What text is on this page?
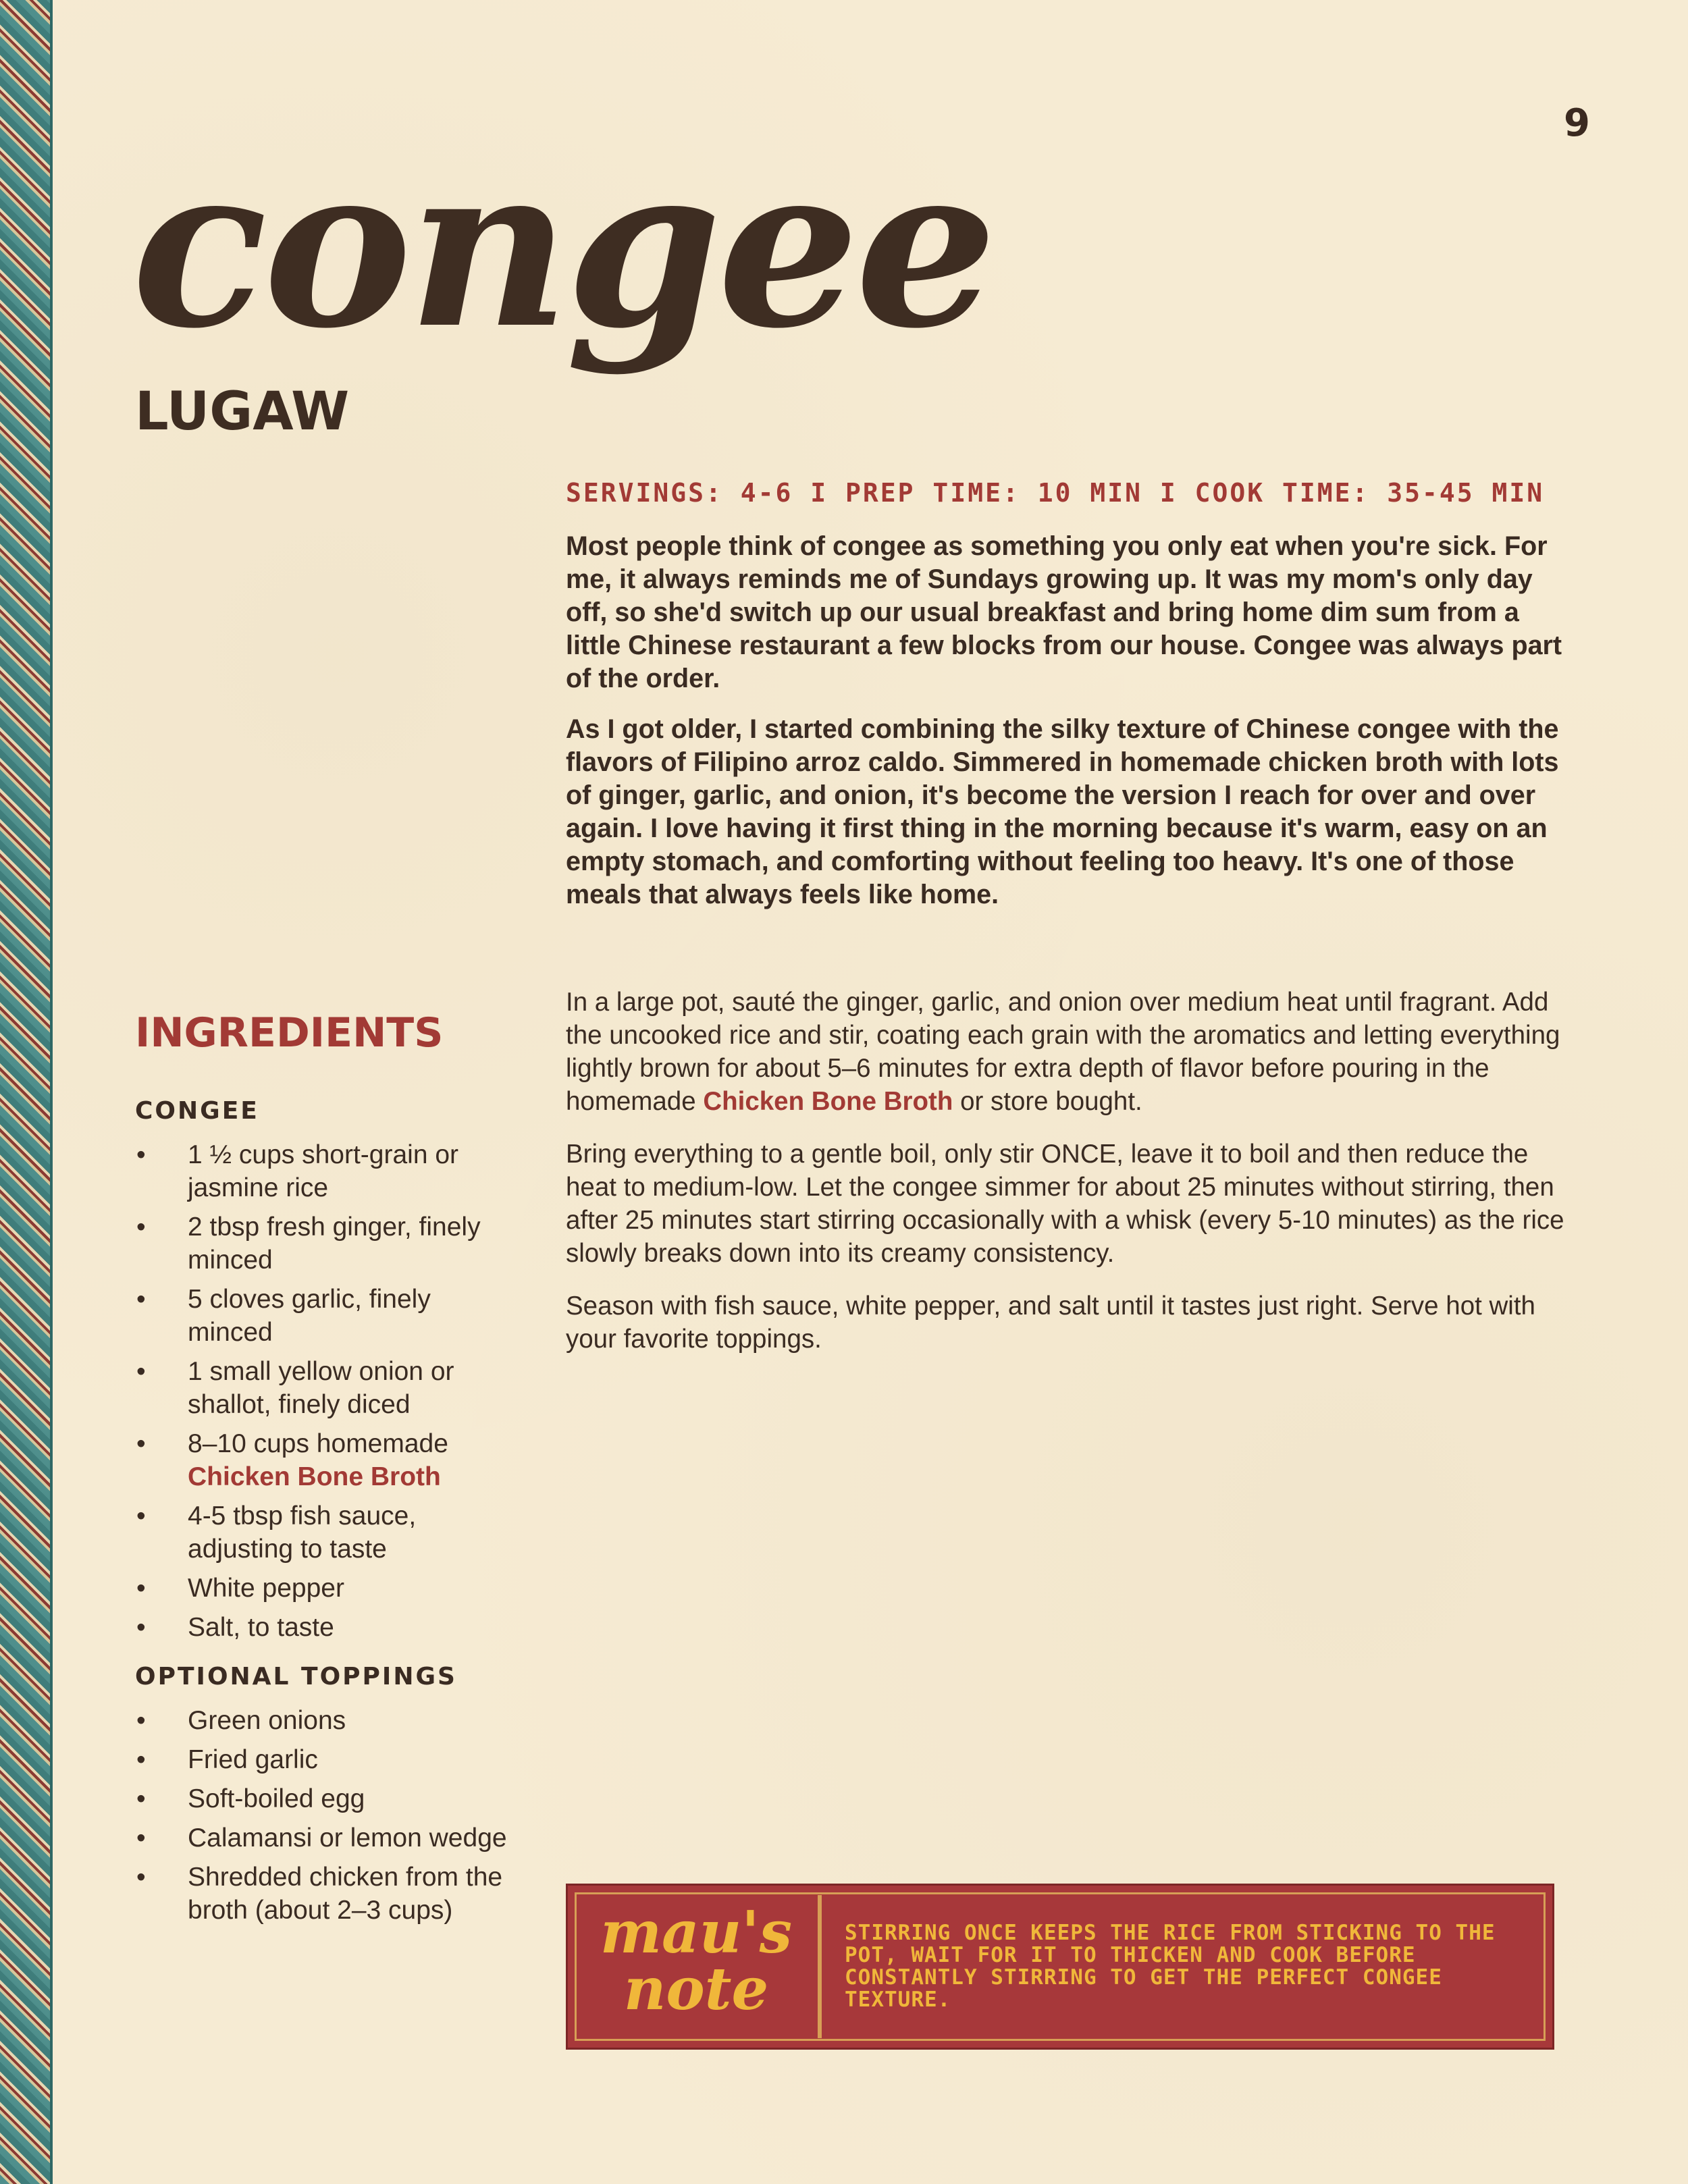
9
congee
LUGAW
SERVINGS: 4-6 I PREP TIME: 10 MIN I COOK TIME: 35-45 MIN

Most people think of congee as something you only eat when you're sick. For me, it always reminds me of Sundays growing up. It was my mom's only day off, so she'd switch up our usual breakfast and bring home dim sum from a little Chinese restaurant a few blocks from our house. Congee was always part of the order.

As I got older, I started combining the silky texture of Chinese congee with the flavors of Filipino arroz caldo. Simmered in homemade chicken broth with lots of ginger, garlic, and onion, it's become the version I reach for over and over again. I love having it first thing in the morning because it's warm, easy on an empty stomach, and comforting without feeling too heavy. It's one of those meals that always feels like home.

INGREDIENTS
CONGEE
• 1 ½ cups short-grain or jasmine rice
• 2 tbsp fresh ginger, finely minced
• 5 cloves garlic, finely minced
• 1 small yellow onion or shallot, finely diced
• 8–10 cups homemade
Chicken Bone Broth
• 4-5 tbsp fish sauce, adjusting to taste
• White pepper
• Salt, to taste
OPTIONAL TOPPINGS
• Green onions
• Fried garlic
• Soft-boiled egg
• Calamansi or lemon wedge
• Shredded chicken from the broth (about 2–3 cups)

In a large pot, sauté the ginger, garlic, and onion over medium heat until fragrant. Add the uncooked rice and stir, coating each grain with the aromatics and letting everything lightly brown for about 5–6 minutes for extra depth of flavor before pouring in the homemade Chicken Bone Broth or store bought.

Bring everything to a gentle boil, only stir ONCE, leave it to boil and then reduce the heat to medium-low. Let the congee simmer for about 25 minutes without stirring, then after 25 minutes start stirring occasionally with a whisk (every 5-10 minutes) as the rice slowly breaks down into its creamy consistency.

Season with fish sauce, white pepper, and salt until it tastes just right. Serve hot with your favorite toppings.

mau's
note
STIRRING ONCE KEEPS THE RICE FROM STICKING TO THE POT, WAIT FOR IT TO THICKEN AND COOK BEFORE CONSTANTLY STIRRING TO GET THE PERFECT CONGEE TEXTURE.
